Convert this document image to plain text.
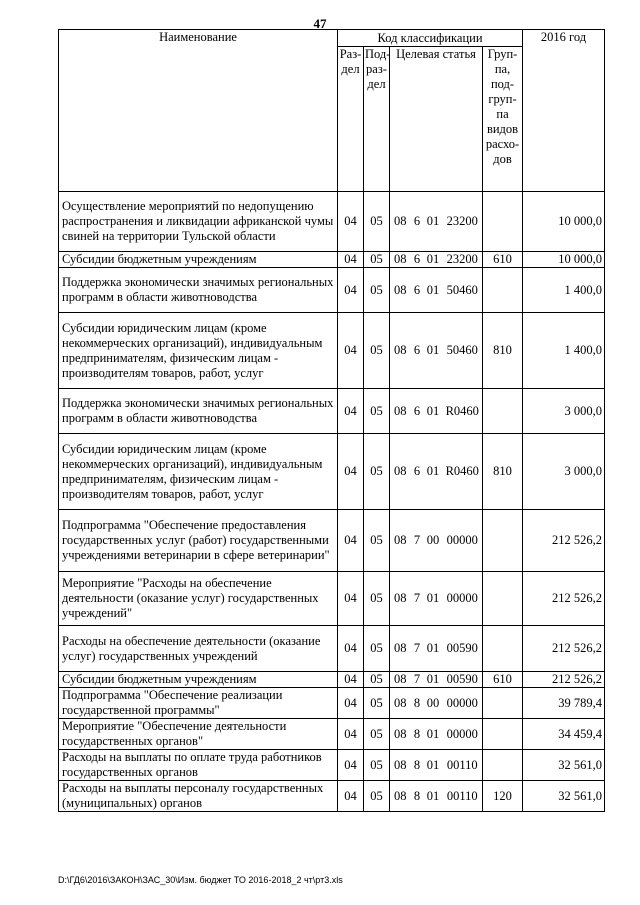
47
Наименование	Код классификации							2016 год
	Раз-дел	Под-раз-дел	Целевая статья				Груп-па, под-груп-па видов расхо-дов	
Осуществление мероприятий по недопущению распространения и ликвидации африканской чумы свиней на территории Тульской области	04	05	08	6	01	23200		10 000,0
Субсидии бюджетным учреждениям	04	05	08	6	01	23200	610	10 000,0
Поддержка экономически значимых региональных программ в области животноводства	04	05	08	6	01	50460		1 400,0
Субсидии юридическим лицам (кроме некоммерческих организаций), индивидуальным предпринимателям, физическим лицам - производителям товаров, работ, услуг	04	05	08	6	01	50460	810	1 400,0
Поддержка экономически значимых региональных программ в области животноводства	04	05	08	6	01	R0460		3 000,0
Субсидии юридическим лицам (кроме некоммерческих организаций), индивидуальным предпринимателям, физическим лицам - производителям товаров, работ, услуг	04	05	08	6	01	R0460	810	3 000,0
Подпрограмма "Обеспечение предоставления государственных услуг (работ) государственными учреждениями ветеринарии в сфере ветеринарии"	04	05	08	7	00	00000		212 526,2
Мероприятие "Расходы на обеспечение деятельности (оказание услуг) государственных учреждений"	04	05	08	7	01	00000		212 526,2
Расходы на обеспечение деятельности (оказание услуг) государственных учреждений	04	05	08	7	01	00590		212 526,2
Субсидии бюджетным учреждениям	04	05	08	7	01	00590	610	212 526,2
Подпрограмма "Обеспечение реализации государственной программы"	04	05	08	8	00	00000		39 789,4
Мероприятие "Обеспечение деятельности государственных органов"	04	05	08	8	01	00000		34 459,4
Расходы на выплаты по оплате труда работников государственных органов	04	05	08	8	01	00110		32 561,0
Расходы на выплаты персоналу государственных (муниципальных) органов	04	05	08	8	01	00110	120	32 561,0
D:\ГД6\2016\ЗАКОН\ЗАС_30\Изм. бюджет ТО 2016-2018_2 чт\рт3.xls
